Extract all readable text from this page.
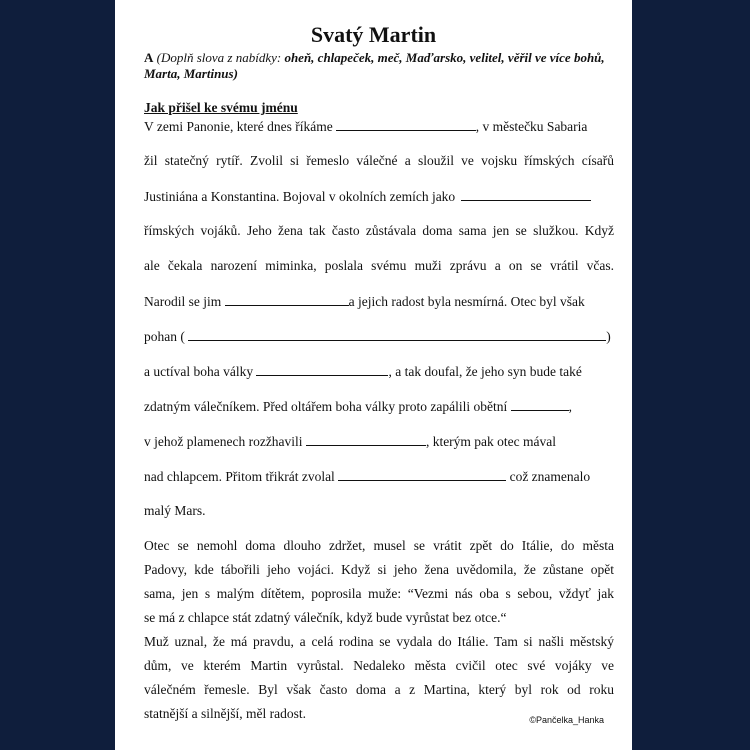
Svatý Martin
A (Doplň slova z nabídky: oheň, chlapeček, meč, Maďarsko, velitel, věřil ve více bohů, Marta, Martinus)
Jak přišel ke svému jménu
V zemi Panonie, které dnes říkáme	, v městečku Sabaria
žil statečný rytíř. Zvolil si řemeslo válečné a sloužil ve vojsku římských císařů
Justiniána a Konstantina. Bojoval v okolních zemích jako
římských vojáků. Jeho žena tak často zůstávala doma sama jen se služkou. Když
ale čekala narození miminka, poslala svému muži zprávu a on se vrátil včas.
Narodil se jim	a jejich radost byla nesmírná. Otec byl však
pohan (	)
a uctíval boha války	, a tak doufal, že jeho syn bude také
zdatným válečníkem. Před oltářem boha války proto zapálili obětní	,
v jehož plamenech rozžhavili	, kterým pak otec mával
nad chlapcem. Přitom třikrát zvolal	což znamenalo
malý Mars.
Otec se nemohl doma dlouho zdržet, musel se vrátit zpět do Itálie, do města
Padovy, kde tábořili jeho vojáci. Když si jeho žena uvědomila, že zůstane opět
sama, jen s malým dítětem, poprosila muže: “Vezmi nás oba s sebou, vždyť jak
se má z chlapce stát zdatný válečník, když bude vyrůstat bez otce.“
Muž uznal, že má pravdu, a celá rodina se vydala do Itálie. Tam si našli městský
dům, ve kterém Martin vyrůstal. Nedaleko města cvičil otec své vojáky ve
válečném řemesle. Byl však často doma a z Martina, který byl rok od roku
statnější a silnější, měl radost.	©Pančelka_Hanka
